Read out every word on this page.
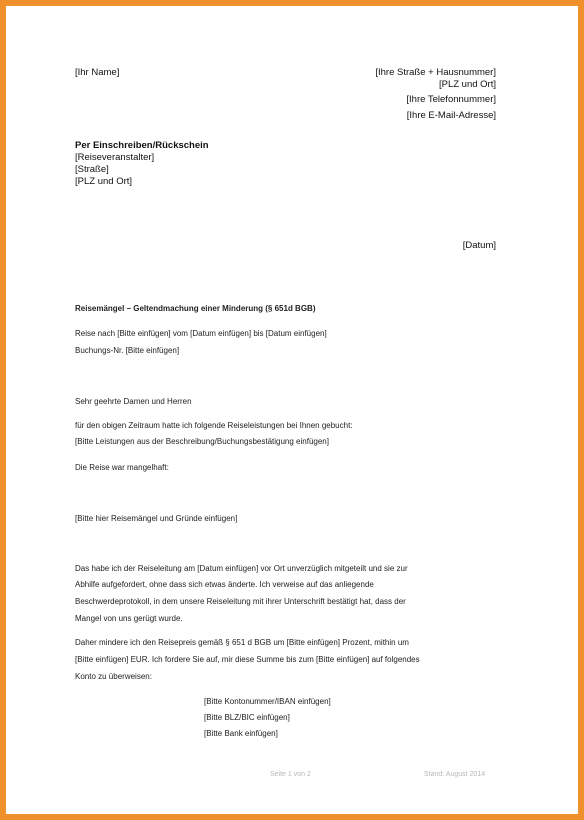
[Ihr Name]	[Ihre Straße + Hausnummer]
[PLZ und Ort]
[Ihre Telefonnummer]
[Ihre E-Mail-Adresse]
Per Einschreiben/Rückschein
[Reiseveranstalter]
[Straße]
[PLZ und Ort]
[Datum]
Reisemängel – Geltendmachung einer Minderung (§ 651d BGB)
Reise nach [Bitte einfügen] vom [Datum einfügen] bis [Datum einfügen]
Buchungs-Nr. [Bitte einfügen]
Sehr geehrte Damen und Herren
für den obigen Zeitraum hatte ich folgende Reiseleistungen bei Ihnen gebucht:
[Bitte Leistungen aus der Beschreibung/Buchungsbestätigung einfügen]
Die Reise war mangelhaft:
[Bitte hier Reisemängel und Gründe einfügen]
Das habe ich der Reiseleitung am [Datum einfügen] vor Ort unverzüglich mitgeteilt und sie zur
Abhilfe aufgefordert, ohne dass sich etwas änderte. Ich verweise auf das anliegende
Beschwerdeprotokoll, in dem unsere Reiseleitung mit ihrer Unterschrift bestätigt hat, dass der
Mangel von uns gerügt wurde.
Daher mindere ich den Reisepreis gemäß § 651 d BGB um [Bitte einfügen] Prozent, mithin um
[Bitte einfügen] EUR. Ich fordere Sie auf, mir diese Summe bis zum [Bitte einfügen] auf folgendes
Konto zu überweisen:
[Bitte Kontonummer/IBAN einfügen]
[Bitte BLZ/BIC einfügen]
[Bitte Bank einfügen]
Seite 1 von 2	Stand: August 2014
